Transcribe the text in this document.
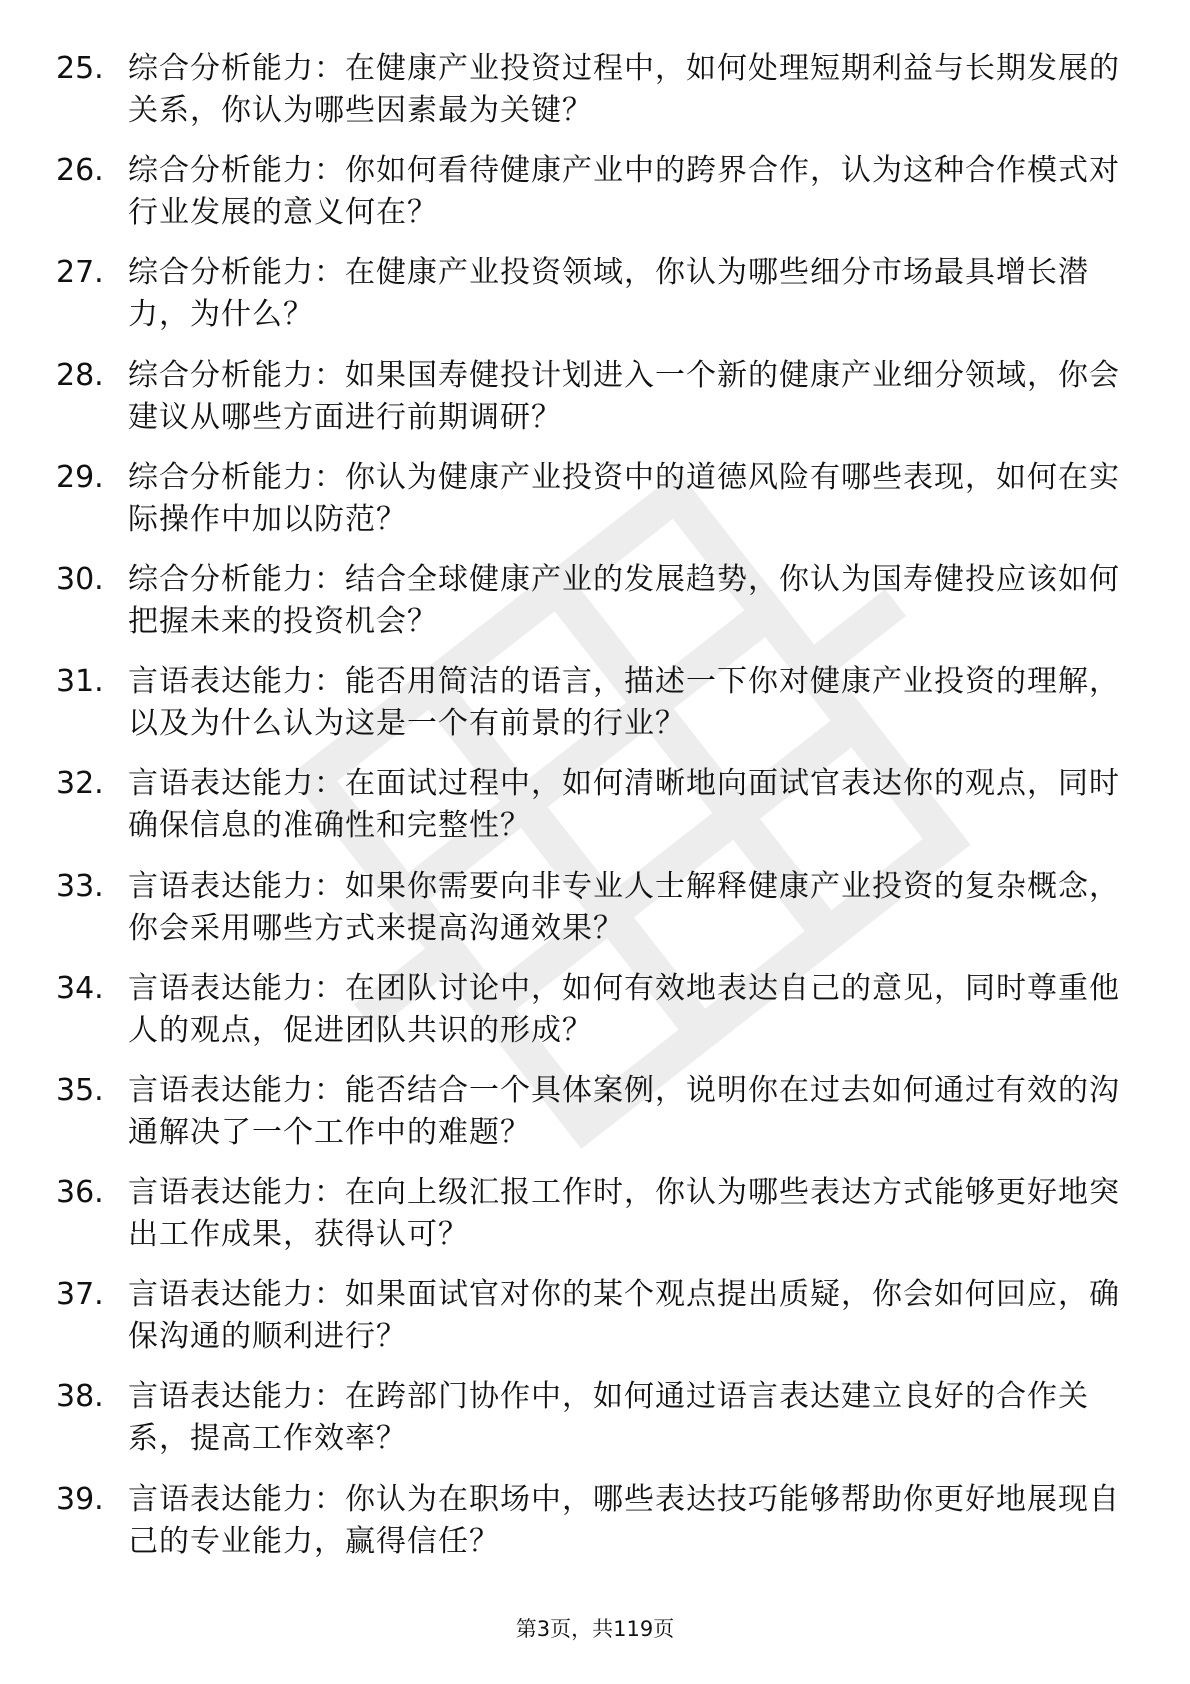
25. 综合分析能力：在健康产业投资过程中，如何处理短期利益与长期发展的关系，你认为哪些因素最为关键？
26. 综合分析能力：你如何看待健康产业中的跨界合作，认为这种合作模式对行业发展的意义何在？
27. 综合分析能力：在健康产业投资领域，你认为哪些细分市场最具增长潜力，为什么？
28. 综合分析能力：如果国寿健投计划进入一个新的健康产业细分领域，你会建议从哪些方面进行前期调研？
29. 综合分析能力：你认为健康产业投资中的道德风险有哪些表现，如何在实际操作中加以防范？
30. 综合分析能力：结合全球健康产业的发展趋势，你认为国寿健投应该如何把握未来的投资机会？
31. 言语表达能力：能否用简洁的语言，描述一下你对健康产业投资的理解，以及为什么认为这是一个有前景的行业？
32. 言语表达能力：在面试过程中，如何清晰地向面试官表达你的观点，同时确保信息的准确性和完整性？
33. 言语表达能力：如果你需要向非专业人士解释健康产业投资的复杂概念，你会采用哪些方式来提高沟通效果？
34. 言语表达能力：在团队讨论中，如何有效地表达自己的意见，同时尊重他人的观点，促进团队共识的形成？
35. 言语表达能力：能否结合一个具体案例，说明你在过去如何通过有效的沟通解决了一个工作中的难题？
36. 言语表达能力：在向上级汇报工作时，你认为哪些表达方式能够更好地突出工作成果，获得认可？
37. 言语表达能力：如果面试官对你的某个观点提出质疑，你会如何回应，确保沟通的顺利进行？
38. 言语表达能力：在跨部门协作中，如何通过语言表达建立良好的合作关系，提高工作效率？
39. 言语表达能力：你认为在职场中，哪些表达技巧能够帮助你更好地展现自己的专业能力，赢得信任？
第3页，共119页
